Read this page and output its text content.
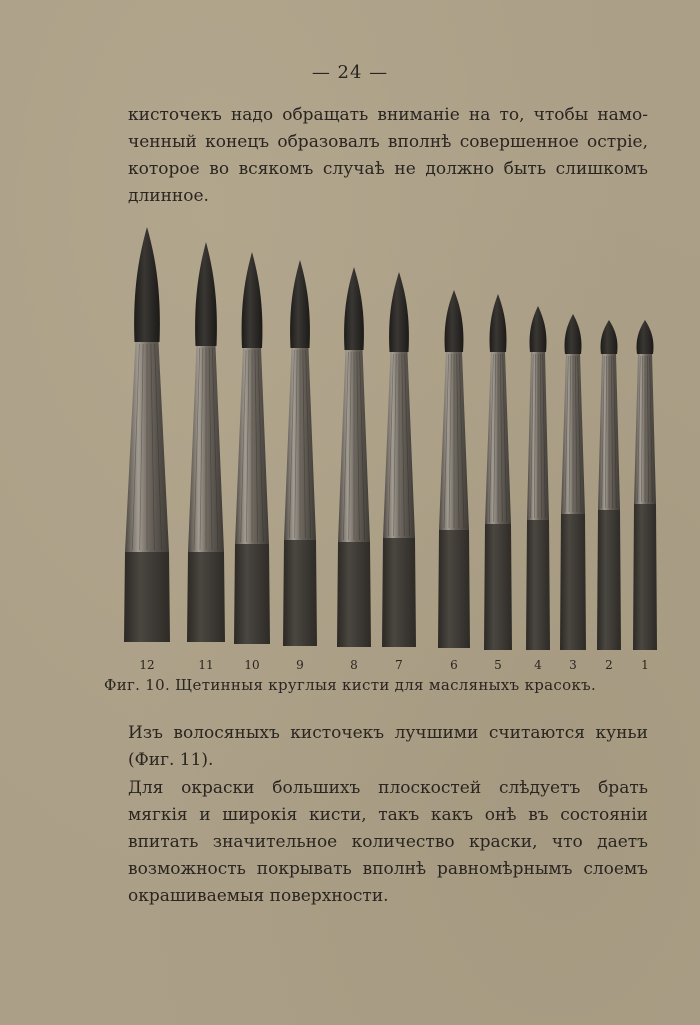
— 24 —
кисточекъ надо обращать вниманіе на то, чтобы намо-
ченный конецъ образовалъ вполнѣ совершенное остріе,
которое во всякомъ случаѣ не должно быть слишкомъ
длинное.
12	11	10	9	8	7	6	5	4 3 2 1
Фиг. 10. Щетинныя круглыя кисти для масляныхъ красокъ.
Изъ волосяныхъ кисточекъ лучшими считаются куньи
(Фиг. 11).
Для окраски большихъ плоскостей слѣдуетъ брать
мягкія и широкія кисти, такъ какъ онѣ въ состояніи
впитать значительное количество краски, что даетъ
возможность покрывать вполнѣ равномѣрнымъ слоемъ
окрашиваемыя поверхности.
